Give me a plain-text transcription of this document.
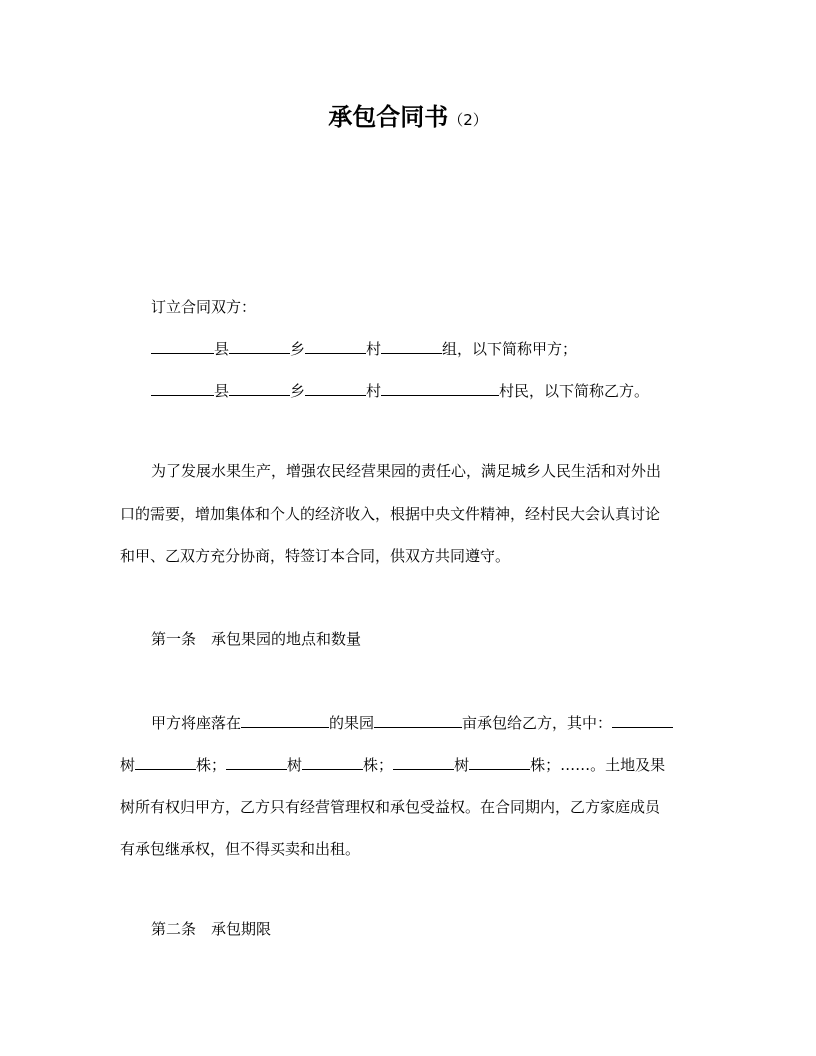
承包合同书（2）
订立合同双方：
县	乡	村	组，以下简称甲方；
县	乡	村	村民，以下简称乙方。
为了发展水果生产，增强农民经营果园的责任心，满足城乡人民生活和对外出
口的需要，增加集体和个人的经济收入，根据中央文件精神，经村民大会认真讨论
和甲、乙双方充分协商，特签订本合同，供双方共同遵守。
第一条 承包果园的地点和数量
甲方将座落在	的果园	亩承包给乙方，其中：
树	株；	树	株；	树	株；……。土地及果
树所有权归甲方，乙方只有经营管理权和承包受益权。在合同期内，乙方家庭成员
有承包继承权，但不得买卖和出租。
第二条 承包期限
